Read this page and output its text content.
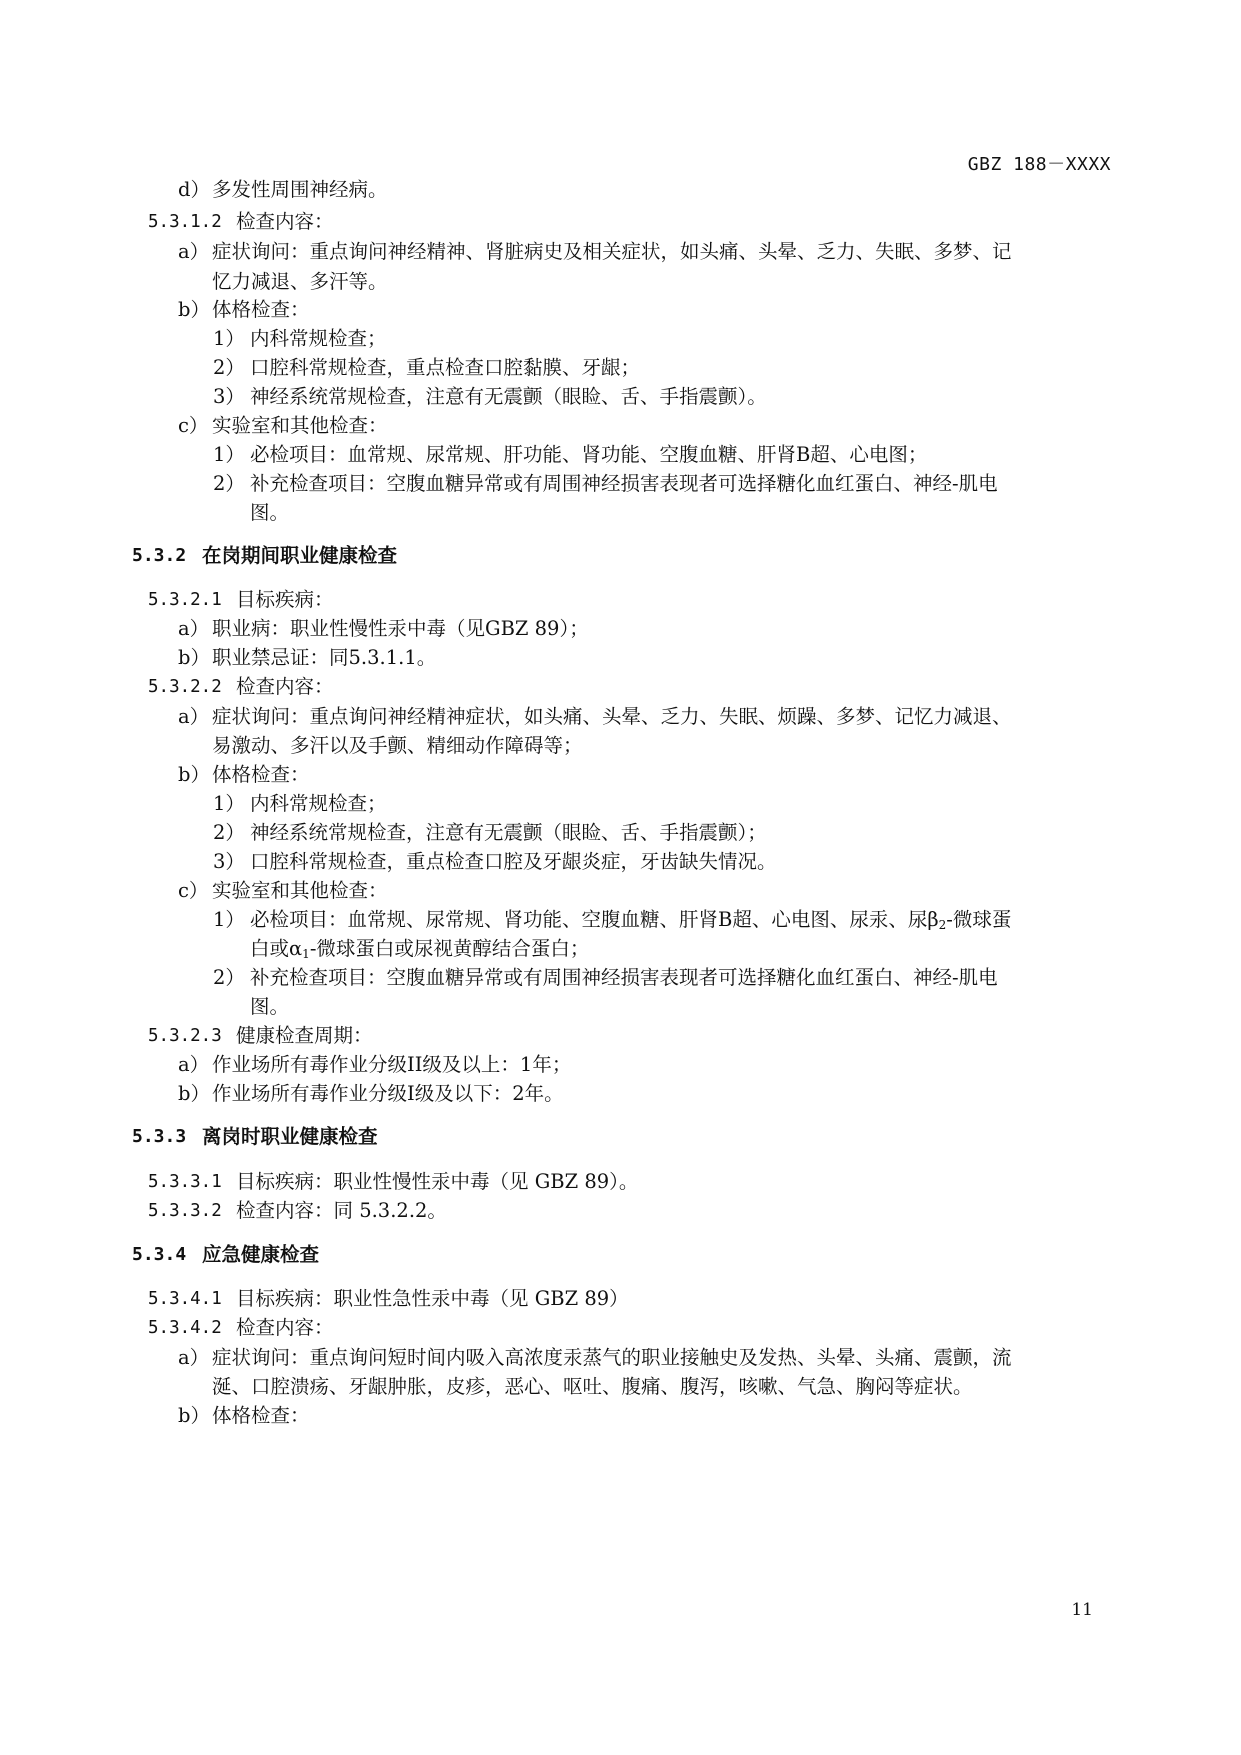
GBZ 188－XXXX
d） 多发性周围神经病。
5.3.1.2 检查内容：
a） 症状询问：重点询问神经精神、肾脏病史及相关症状，如头痛、头晕、乏力、失眠、多梦、记
忆力减退、多汗等。
b） 体格检查：
1） 内科常规检查；
2） 口腔科常规检查，重点检查口腔黏膜、牙龈；
3） 神经系统常规检查，注意有无震颤（眼睑、舌、手指震颤）。
c） 实验室和其他检查：
1） 必检项目：血常规、尿常规、肝功能、肾功能、空腹血糖、肝肾B超、心电图；
2） 补充检查项目：空腹血糖异常或有周围神经损害表现者可选择糖化血红蛋白、神经-肌电
图。
5.3.2 在岗期间职业健康检查
5.3.2.1 目标疾病：
a） 职业病：职业性慢性汞中毒（见GBZ 89）；
b） 职业禁忌证：同5.3.1.1。
5.3.2.2 检查内容：
a） 症状询问：重点询问神经精神症状，如头痛、头晕、乏力、失眠、烦躁、多梦、记忆力减退、
易激动、多汗以及手颤、精细动作障碍等；
b） 体格检查：
1） 内科常规检查；
2） 神经系统常规检查，注意有无震颤（眼睑、舌、手指震颤）；
3） 口腔科常规检查，重点检查口腔及牙龈炎症，牙齿缺失情况。
c） 实验室和其他检查：
1） 必检项目：血常规、尿常规、肾功能、空腹血糖、肝肾B超、心电图、尿汞、尿$\beta_2-$微球蛋
白或$\alpha_1-$微球蛋白或尿视黄醇结合蛋白；
2） 补充检查项目：空腹血糖异常或有周围神经损害表现者可选择糖化血红蛋白、神经-肌电
图。
5.3.2.3 健康检查周期：
a） 作业场所有毒作业分级II级及以上：1年；
b） 作业场所有毒作业分级I级及以下：2年。
5.3.3 离岗时职业健康检查
5.3.3.1 目标疾病：职业性慢性汞中毒（见 GBZ 89）。
5.3.3.2 检查内容：同 5.3.2.2。
5.3.4 应急健康检查
5.3.4.1 目标疾病：职业性急性汞中毒（见 GBZ 89）
5.3.4.2 检查内容：
a） 症状询问：重点询问短时间内吸入高浓度汞蒸气的职业接触史及发热、头晕、头痛、震颤，流
涎、口腔溃疡、牙龈肿胀，皮疹，恶心、呕吐、腹痛、腹泻，咳嗽、气急、胸闷等症状。
b） 体格检查：
11
